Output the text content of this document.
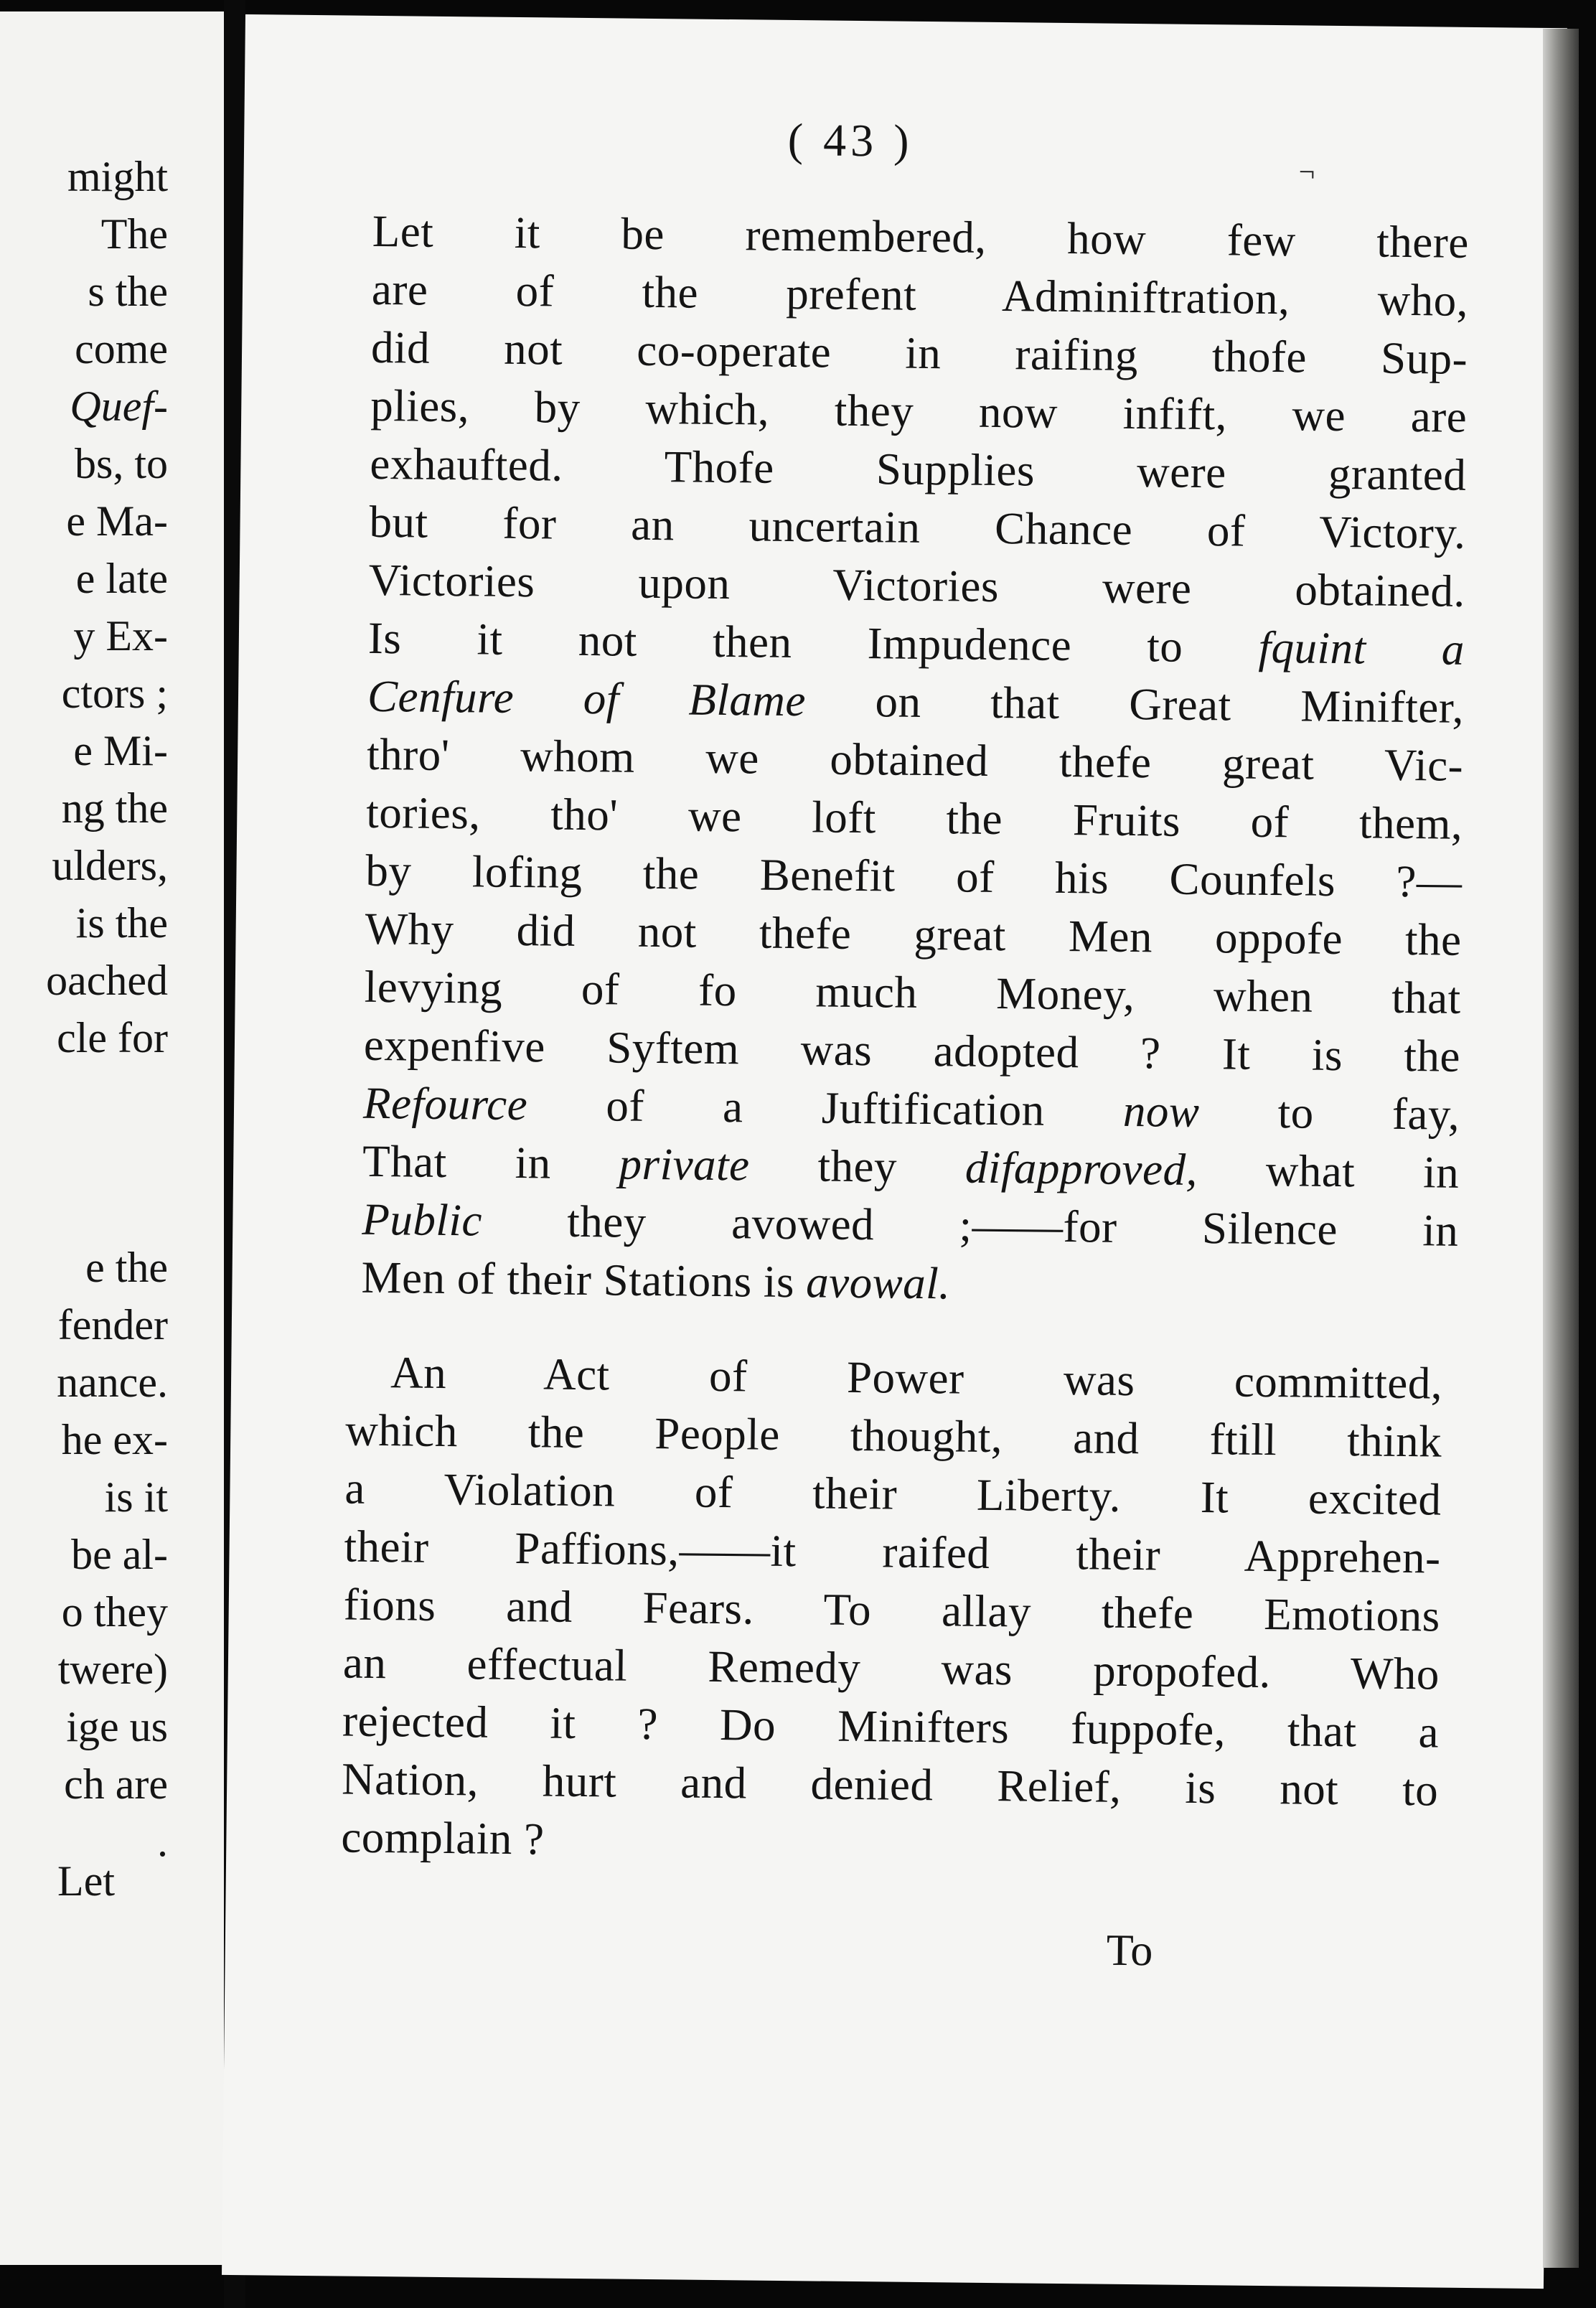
Let
might
The
s the
come
Quef-
bs, to
e Ma-
e late
y Ex-
ctors ;
e Mi-
ng the
ulders,
is the
oached
cle for
e the
fender
nance.
he ex-
is it
be al-
o they
twere)
ige us
ch are
.
( 43 )
¬
Let it be remembered, how few there
are of the prefent Adminiftration, who,
did not co-operate in raifing thofe Sup-
plies, by which, they now infift, we are
exhaufted. Thofe Supplies were granted
but for an uncertain Chance of Victory.
Victories upon Victories were obtained.
Is it not then Impudence to fquint a
Cenfure of Blame on that Great Minifter,
thro' whom we obtained thefe great Vic-
tories, tho' we loft the Fruits of them,
by lofing the Benefit of his Counfels ?—
Why did not thefe great Men oppofe the
levying of fo much Money, when that
expenfive Syftem was adopted ? It is the
Refource of a Juftification now to fay,
That in private they difapproved, what in
Public they avowed ;——for Silence in
Men of their Stations is avowal.
An Act of Power was committed,
which the People thought, and ftill think
a Violation of their Liberty. It excited
their Paffions,——it raifed their Apprehen-
fions and Fears. To allay thefe Emotions
an effectual Remedy was propofed. Who
rejected it ? Do Minifters fuppofe, that a
Nation, hurt and denied Relief, is not to
complain ?
To
